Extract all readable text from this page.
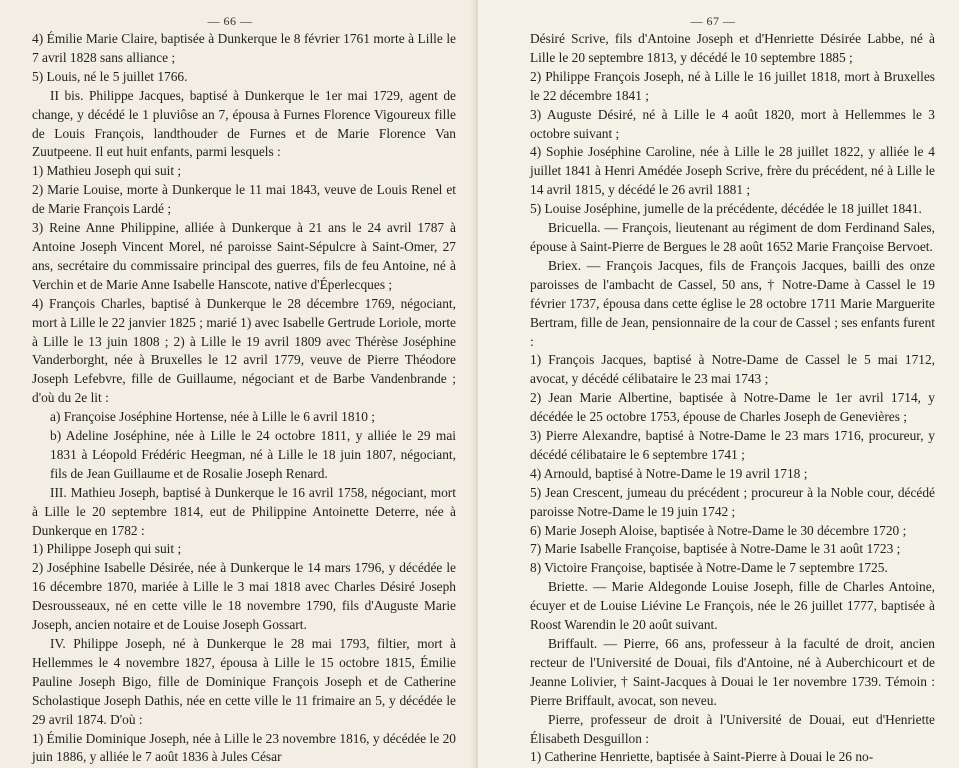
— 66 —

4) Émilie Marie Claire, baptisée à Dunkerque le 8 février 1761 morte à Lille le 7 avril 1828 sans alliance ;

5) Louis, né le 5 juillet 1766.

II bis. Philippe Jacques, baptisé à Dunkerque le 1er mai 1729, agent de change, y décédé le 1 pluviôse an 7, épousa à Furnes Florence Vigoureux fille de Louis François, landthouder de Furnes et de Marie Florence Van Zuutpeene. Il eut huit enfants, parmi lesquels :

1) Mathieu Joseph qui suit ;

2) Marie Louise, morte à Dunkerque le 11 mai 1843, veuve de Louis Renel et de Marie François Lardé ;

3) Reine Anne Philippine, alliée à Dunkerque à 21 ans le 24 avril 1787 à Antoine Joseph Vincent Morel, né paroisse Saint-Sépulcre à Saint-Omer, 27 ans, secrétaire du commissaire principal des guerres, fils de feu Antoine, né à Verchin et de Marie Anne Isabelle Hanscote, native d'Éperlecques ;

4) François Charles, baptisé à Dunkerque le 28 décembre 1769, négociant, mort à Lille le 22 janvier 1825 ; marié 1) avec Isabelle Gertrude Loriole, morte à Lille le 13 juin 1808 ; 2) à Lille le 19 avril 1809 avec Thérèse Joséphine Vanderborght, née à Bruxelles le 12 avril 1779, veuve de Pierre Théodore Joseph Lefebvre, fille de Guillaume, négociant et de Barbe Vandenbrande ; d'où du 2e lit :

a) Françoise Joséphine Hortense, née à Lille le 6 avril 1810 ;

b) Adeline Joséphine, née à Lille le 24 octobre 1811, y alliée le 29 mai 1831 à Léopold Frédéric Heegman, né à Lille le 18 juin 1807, négociant, fils de Jean Guillaume et de Rosalie Joseph Renard.

III. Mathieu Joseph, baptisé à Dunkerque le 16 avril 1758, négociant, mort à Lille le 20 septembre 1814, eut de Philippine Antoinette Deterre, née à Dunkerque en 1782 :

1) Philippe Joseph qui suit ;

2) Joséphine Isabelle Désirée, née à Dunkerque le 14 mars 1796, y décédée le 16 décembre 1870, mariée à Lille le 3 mai 1818 avec Charles Désiré Joseph Desrousseaux, né en cette ville le 18 novembre 1790, fils d'Auguste Marie Joseph, ancien notaire et de Louise Joseph Gossart.

IV. Philippe Joseph, né à Dunkerque le 28 mai 1793, filtier, mort à Hellemmes le 4 novembre 1827, épousa à Lille le 15 octobre 1815, Émilie Pauline Joseph Bigo, fille de Dominique François Joseph et de Catherine Scholastique Joseph Dathis, née en cette ville le 11 frimaire an 5, y décédée le 29 avril 1874. D'où :

1) Émilie Dominique Joseph, née à Lille le 23 novembre 1816, y décédée le 20 juin 1886, y alliée le 7 août 1836 à Jules César

— 67 —

Désiré Scrive, fils d'Antoine Joseph et d'Henriette Désirée Labbe, né à Lille le 20 septembre 1813, y décédé le 10 septembre 1885 ;

2) Philippe François Joseph, né à Lille le 16 juillet 1818, mort à Bruxelles le 22 décembre 1841 ;

3) Auguste Désiré, né à Lille le 4 août 1820, mort à Hellemmes le 3 octobre suivant ;

4) Sophie Joséphine Caroline, née à Lille le 28 juillet 1822, y alliée le 4 juillet 1841 à Henri Amédée Joseph Scrive, frère du précédent, né à Lille le 14 avril 1815, y décédé le 26 avril 1881 ;

5) Louise Joséphine, jumelle de la précédente, décédée le 18 juillet 1841.

Bricuella. — François, lieutenant au régiment de dom Ferdinand Sales, épouse à Saint-Pierre de Bergues le 28 août 1652 Marie Françoise Bervoet.

Briex. — François Jacques, fils de François Jacques, bailli des onze paroisses de l'ambacht de Cassel, 50 ans, † Notre-Dame à Cassel le 19 février 1737, épousa dans cette église le 28 octobre 1711 Marie Marguerite Bertram, fille de Jean, pensionnaire de la cour de Cassel ; ses enfants furent :

1) François Jacques, baptisé à Notre-Dame de Cassel le 5 mai 1712, avocat, y décédé célibataire le 23 mai 1743 ;

2) Jean Marie Albertine, baptisée à Notre-Dame le 1er avril 1714, y décédée le 25 octobre 1753, épouse de Charles Joseph de Genevières ;

3) Pierre Alexandre, baptisé à Notre-Dame le 23 mars 1716, procureur, y décédé célibataire le 6 septembre 1741 ;

4) Arnould, baptisé à Notre-Dame le 19 avril 1718 ;

5) Jean Crescent, jumeau du précédent ; procureur à la Noble cour, décédé paroisse Notre-Dame le 19 juin 1742 ;

6) Marie Joseph Aloise, baptisée à Notre-Dame le 30 décembre 1720 ;

7) Marie Isabelle Françoise, baptisée à Notre-Dame le 31 août 1723 ;

8) Victoire Françoise, baptisée à Notre-Dame le 7 septembre 1725.

Briette. — Marie Aldegonde Louise Joseph, fille de Charles Antoine, écuyer et de Louise Liévine Le François, née le 26 juillet 1777, baptisée à Roost Warendin le 20 août suivant.

Briffault. — Pierre, 66 ans, professeur à la faculté de droit, ancien recteur de l'Université de Douai, fils d'Antoine, né à Auberchicourt et de Jeanne Lolivier, † Saint-Jacques à Douai le 1er novembre 1739. Témoin : Pierre Briffault, avocat, son neveu.

Pierre, professeur de droit à l'Université de Douai, eut d'Henriette Élisabeth Desguillon :

1) Catherine Henriette, baptisée à Saint-Pierre à Douai le 26 no-
